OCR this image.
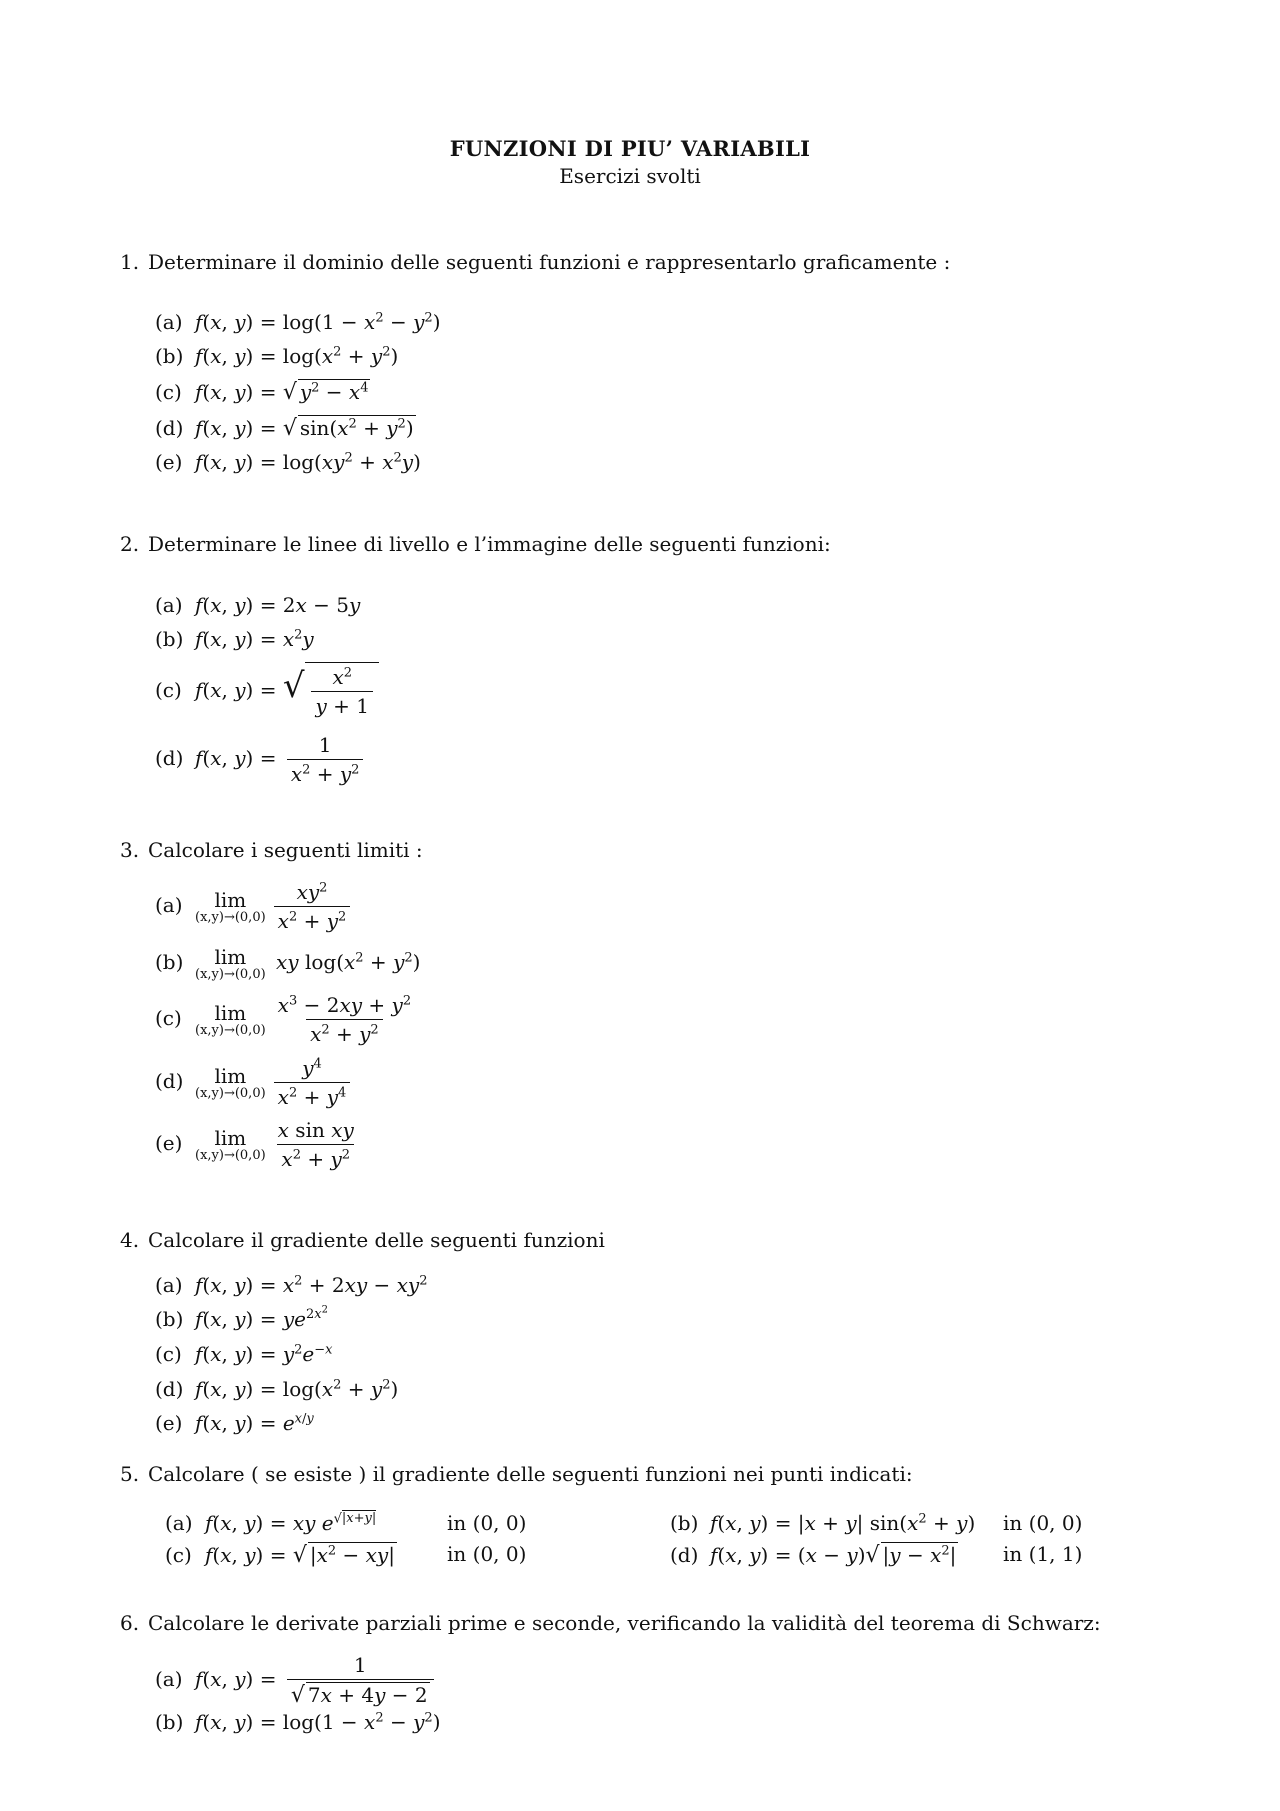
FUNZIONI DI PIU’ VARIABILI
Esercizi svolti
1. Determinare il dominio delle seguenti funzioni e rappresentarlo graficamente :
(a) f(x, $y) = \log(1 - x^2 - y^2)$
(b) f(x, $y) = \log(x^2 + y^2)$
(c) f(x, y) = √ $y^2 - x^4$
(d) f(x, y) = √ $\sin(x^2 + y^2)$
(e) f(x, $y) = \log(xy^2 + x^2y)$
2. Determinare le linee di livello e l’immagine delle seguenti funzioni:
(a) f(x, y) = 2x − 5y
(b) f(x, $y) = x^2y$
(c) f(x, y) = √ $\frac{x^2}{y + 1}$
(d) f(x, $y) = \frac{1}{x^2 + y^2}$
3. Calcolare i seguenti limiti :
(a) lim
$(x,y)\to(0,0) \frac{xy^2}{x^2 + y^2}$
(b) lim
(x,y)→(0,0)
xy $\log(x^2 + y^2)$
(c) lim
$(x,y)\to(0,0) \frac{x^3 - 2xy + y^2}{x^2 + y^2}$
(d) lim
$(x,y)\to(0,0) \frac{y^4}{x^2 + y^4}$
(e) lim
$(x,y)\to(0,0) \frac{\text{x sin xy}}{x^2 + y^2}$
4. Calcolare il gradiente delle seguenti funzioni
(a) f(x, $y) = x^2 + 2xy - xy^2$
(b) f(x, $y) = ye^{2x^2}$
(c) f(x, $y) = y^2e^{-x}$
(d) f(x, $y) = \log(x^2 + y^2)$
(e) f(x, $y) = e^{x/y}$
5. Calcolare ( se esiste ) il gradiente delle seguenti funzioni nei punti indicati:
(a) f(x, y) = xy $e^{√|x+y|}$	in (0, 0)	(b) f(x, y) = |x + y| $\sin(x^2 + y)$ in (0, 0)
(c) f(x, y) = √ $|x^2 - xy|$	in (0, 0)	(d) f(x, y) = (x − y)√ $|y - x^2|$ in (1, 1)
6. Calcolare le derivate parziali prime e seconde, verificando la validità del teorema di Schwarz:
(a) f(x, $y) = \frac{1}{√ 7x + 4y - 2}$
(b) f(x, $y) = \log(1 - x^2 - y^2)$
